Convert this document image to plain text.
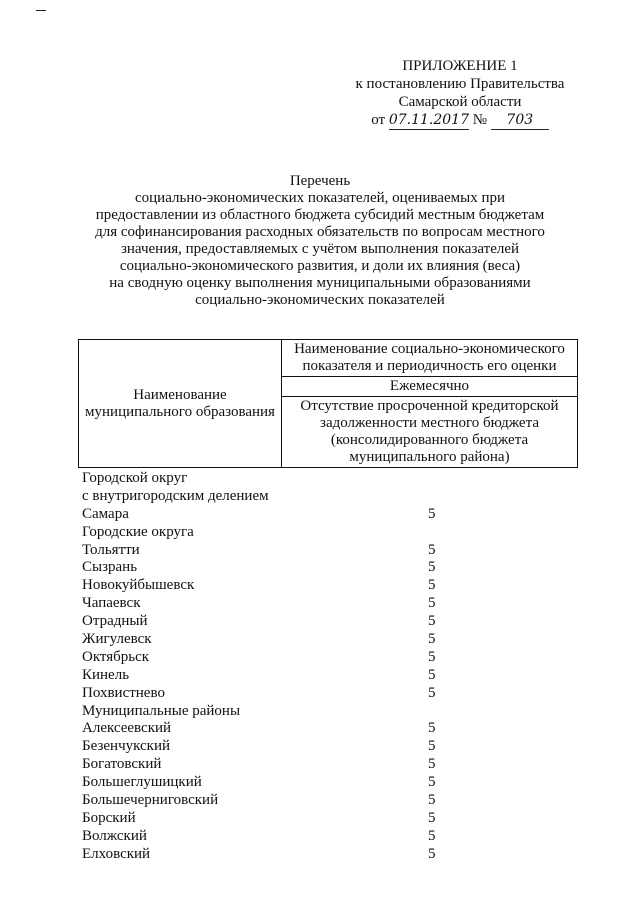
ПРИЛОЖЕНИЕ 1
к постановлению Правительства
Самарской области
от 07.11.2017 № 703
Перечень
социально-экономических показателей, оцениваемых при
предоставлении из областного бюджета субсидий местным бюджетам
для софинансирования расходных обязательств по вопросам местного
значения, предоставляемых с учётом выполнения показателей
социально-экономического развития, и доли их влияния (веса)
на сводную оценку выполнения муниципальными образованиями
социально-экономических показателей
Наименование муниципального образования	Наименование социально-экономического показателя и периодичность его оценки
Ежемесячно
Отсутствие просроченной кредиторской задолженности местного бюджета (консолидированного бюджета муниципального района)
Городской округ
с внутригородским делением
Самара	5
Городские округа
Тольятти	5
Сызрань	5
Новокуйбышевск	5
Чапаевск	5
Отрадный	5
Жигулевск	5
Октябрьск	5
Кинель	5
Похвистнево	5
Муниципальные районы
Алексеевский	5
Безенчукский	5
Богатовский	5
Большеглушицкий	5
Большечерниговский	5
Борский	5
Волжский	5
Елховский	5
